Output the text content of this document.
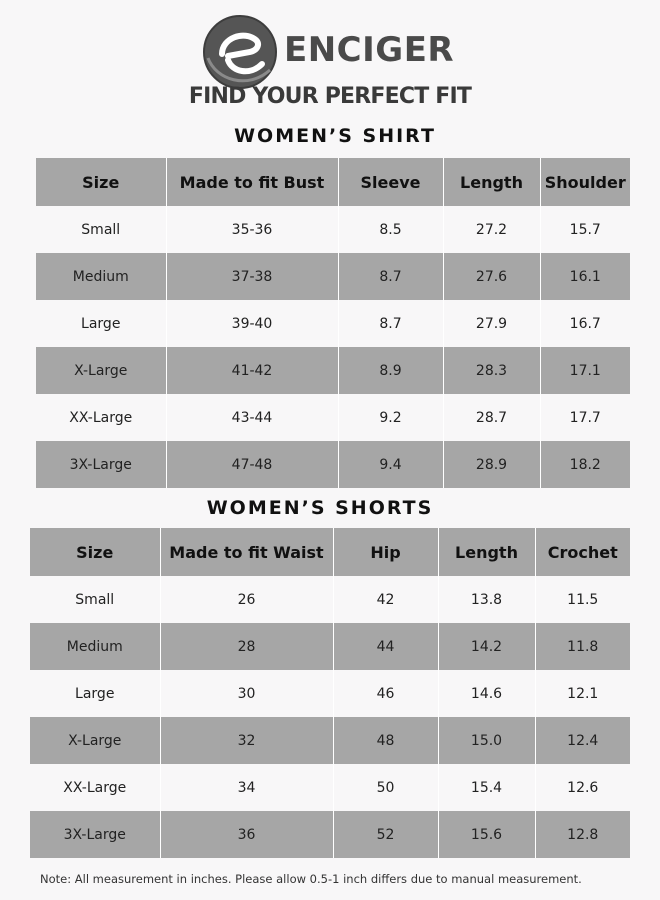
ENCIGER
FIND YOUR PERFECT FIT
WOMEN’S SHIRT
Size	Made to fit Bust	Sleeve	Length	Shoulder
Small	35-36	8.5	27.2	15.7
Medium	37-38	8.7	27.6	16.1
Large	39-40	8.7	27.9	16.7
X-Large	41-42	8.9	28.3	17.1
XX-Large	43-44	9.2	28.7	17.7
3X-Large	47-48	9.4	28.9	18.2
WOMEN’S SHORTS
Size	Made to fit Waist	Hip	Length	Crochet
Small	26	42	13.8	11.5
Medium	28	44	14.2	11.8
Large	30	46	14.6	12.1
X-Large	32	48	15.0	12.4
XX-Large	34	50	15.4	12.6
3X-Large	36	52	15.6	12.8
Note: All measurement in inches. Please allow 0.5-1 inch differs due to manual measurement.
